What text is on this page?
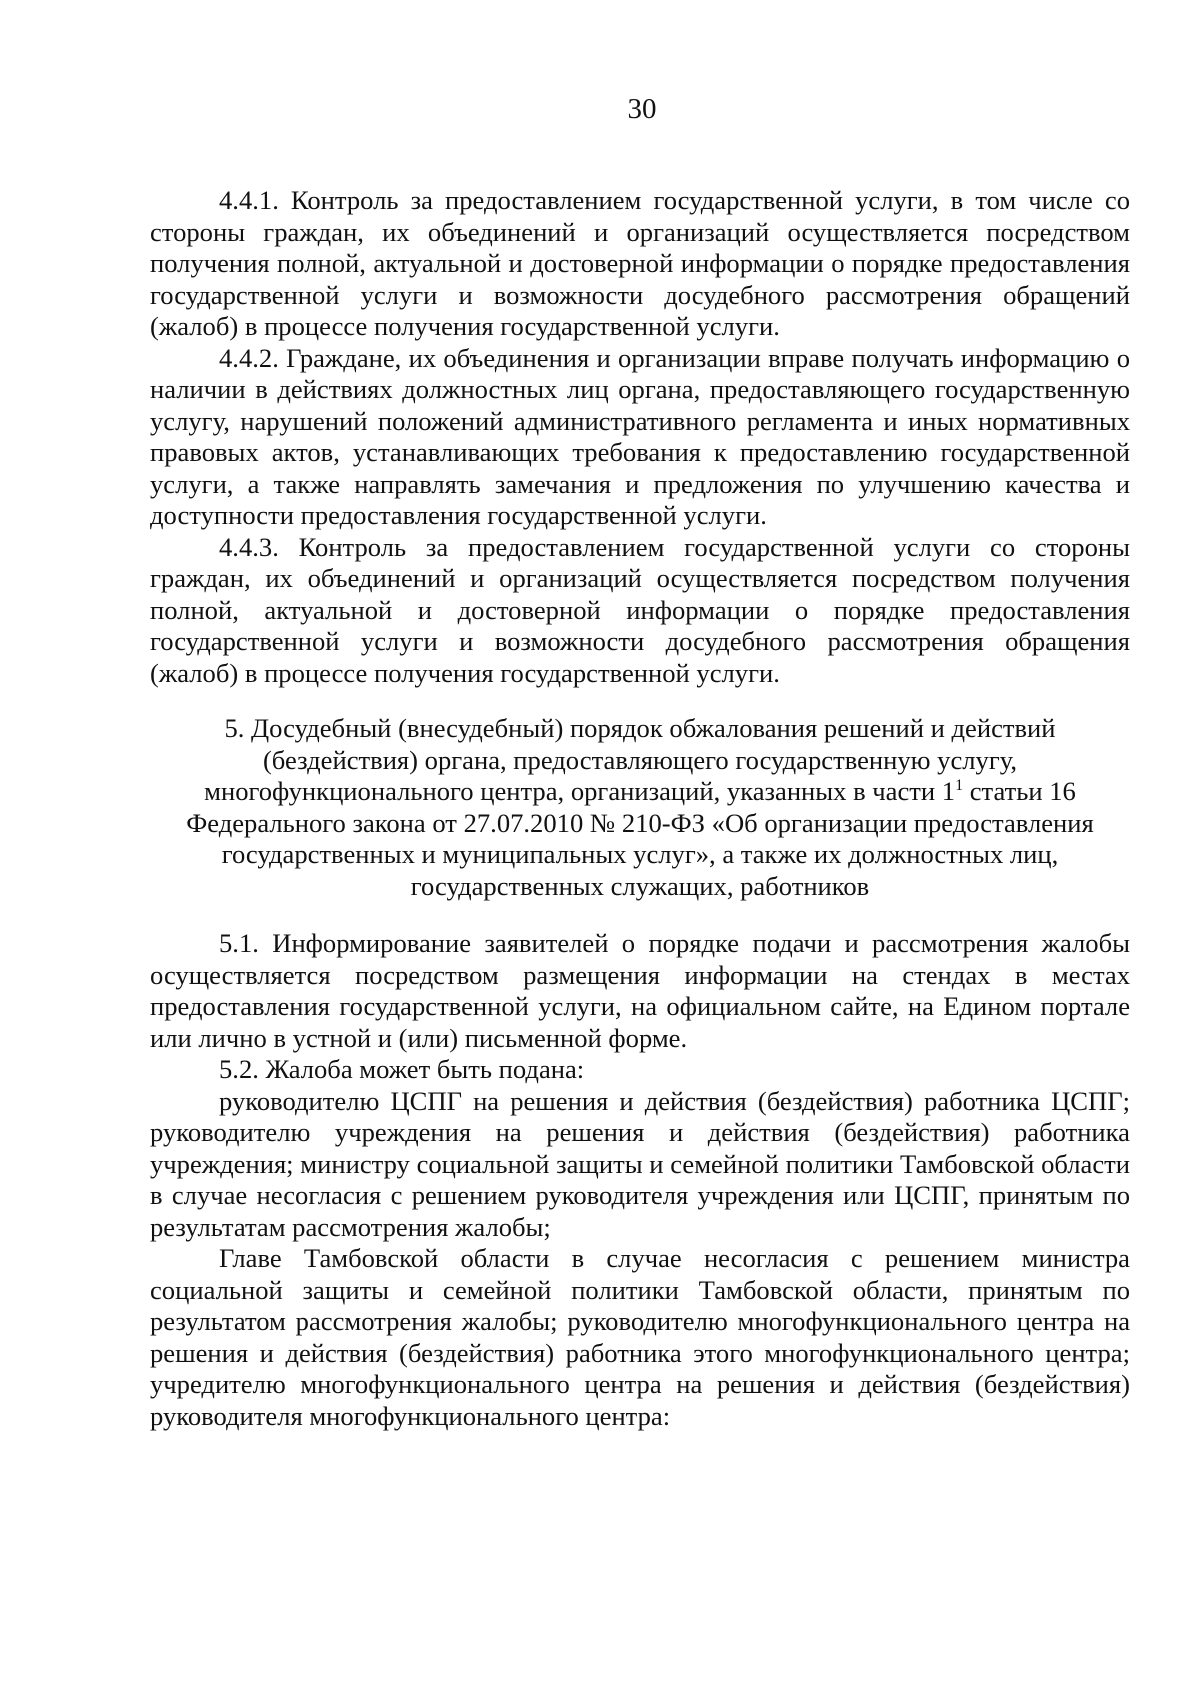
30

4.4.1. Контроль за предоставлением государственной услуги, в том числе со стороны граждан, их объединений и организаций осуществляется посредством получения полной, актуальной и достоверной информации о порядке предоставления государственной услуги и возможности досудебного рассмотрения обращений (жалоб) в процессе получения государственной услуги.

4.4.2. Граждане, их объединения и организации вправе получать информацию о наличии в действиях должностных лиц органа, предоставляющего государственную услугу, нарушений положений административного регламента и иных нормативных правовых актов, устанавливающих требования к предоставлению государственной услуги, а также направлять замечания и предложения по улучшению качества и доступности предоставления государственной услуги.

4.4.3. Контроль за предоставлением государственной услуги со стороны граждан, их объединений и организаций осуществляется посредством получения полной, актуальной и достоверной информации о порядке предоставления государственной услуги и возможности досудебного рассмотрения обращения (жалоб) в процессе получения государственной услуги.

5. Досудебный (внесудебный) порядок обжалования решений и действий

(бездействия) органа, предоставляющего государственную услугу,

многофункционального центра, организаций, указанных в части $1^1$ статьи 16

Федерального закона от 27.07.2010 № 210-ФЗ «Об организации предоставления

государственных и муниципальных услуг», а также их должностных лиц,

государственных служащих, работников

5.1. Информирование заявителей о порядке подачи и рассмотрения жалобы осуществляется посредством размещения информации на стендах в местах предоставления государственной услуги, на официальном сайте, на Едином портале или лично в устной и (или) письменной форме.

5.2. Жалоба может быть подана:

руководителю ЦСПГ на решения и действия (бездействия) работника ЦСПГ; руководителю учреждения на решения и действия (бездействия) работника учреждения; министру социальной защиты и семейной политики Тамбовской области в случае несогласия с решением руководителя учреждения или ЦСПГ, принятым по результатам рассмотрения жалобы;

Главе Тамбовской области в случае несогласия с решением министра социальной защиты и семейной политики Тамбовской области, принятым по результатом рассмотрения жалобы; руководителю многофункционального центра на решения и действия (бездействия) работника этого многофункционального центра; учредителю многофункционального центра на решения и действия (бездействия) руководителя многофункционального центра:
